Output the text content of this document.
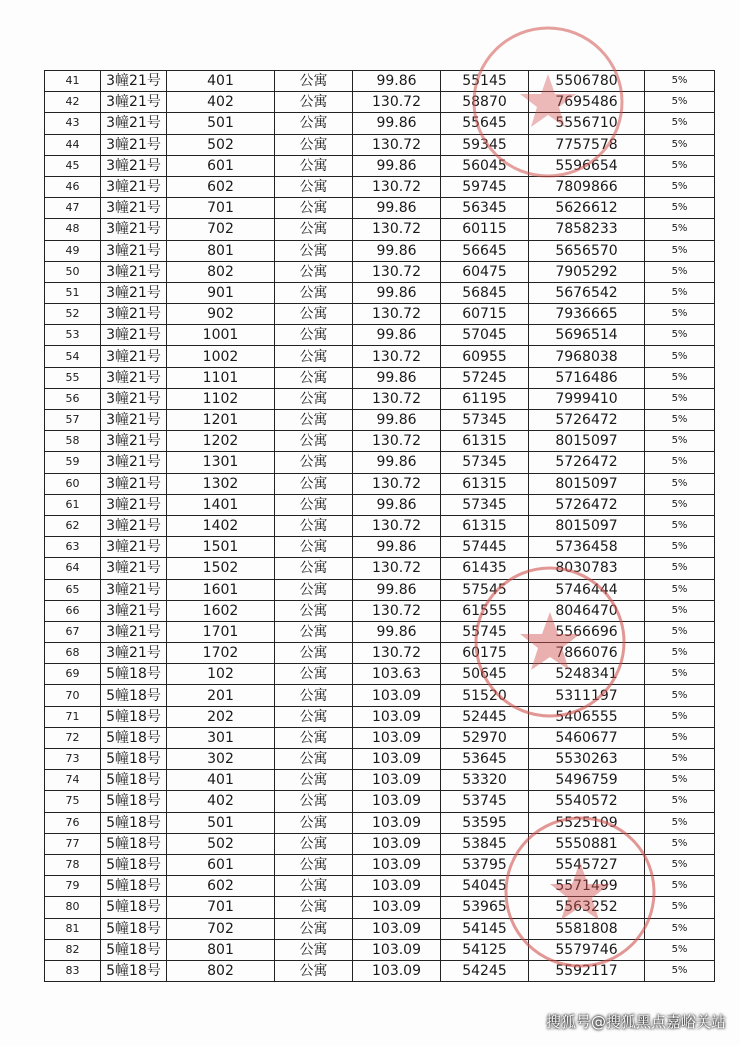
41	3幢21号	401	公寓	99.86	55145	5506780	5%
42	3幢21号	402	公寓	130.72	58870	7695486	5%
43	3幢21号	501	公寓	99.86	55645	5556710	5%
44	3幢21号	502	公寓	130.72	59345	7757578	5%
45	3幢21号	601	公寓	99.86	56045	5596654	5%
46	3幢21号	602	公寓	130.72	59745	7809866	5%
47	3幢21号	701	公寓	99.86	56345	5626612	5%
48	3幢21号	702	公寓	130.72	60115	7858233	5%
49	3幢21号	801	公寓	99.86	56645	5656570	5%
50	3幢21号	802	公寓	130.72	60475	7905292	5%
51	3幢21号	901	公寓	99.86	56845	5676542	5%
52	3幢21号	902	公寓	130.72	60715	7936665	5%
53	3幢21号	1001	公寓	99.86	57045	5696514	5%
54	3幢21号	1002	公寓	130.72	60955	7968038	5%
55	3幢21号	1101	公寓	99.86	57245	5716486	5%
56	3幢21号	1102	公寓	130.72	61195	7999410	5%
57	3幢21号	1201	公寓	99.86	57345	5726472	5%
58	3幢21号	1202	公寓	130.72	61315	8015097	5%
59	3幢21号	1301	公寓	99.86	57345	5726472	5%
60	3幢21号	1302	公寓	130.72	61315	8015097	5%
61	3幢21号	1401	公寓	99.86	57345	5726472	5%
62	3幢21号	1402	公寓	130.72	61315	8015097	5%
63	3幢21号	1501	公寓	99.86	57445	5736458	5%
64	3幢21号	1502	公寓	130.72	61435	8030783	5%
65	3幢21号	1601	公寓	99.86	57545	5746444	5%
66	3幢21号	1602	公寓	130.72	61555	8046470	5%
67	3幢21号	1701	公寓	99.86	55745	5566696	5%
68	3幢21号	1702	公寓	130.72	60175	7866076	5%
69	5幢18号	102	公寓	103.63	50645	5248341	5%
70	5幢18号	201	公寓	103.09	51520	5311197	5%
71	5幢18号	202	公寓	103.09	52445	5406555	5%
72	5幢18号	301	公寓	103.09	52970	5460677	5%
73	5幢18号	302	公寓	103.09	53645	5530263	5%
74	5幢18号	401	公寓	103.09	53320	5496759	5%
75	5幢18号	402	公寓	103.09	53745	5540572	5%
76	5幢18号	501	公寓	103.09	53595	5525109	5%
77	5幢18号	502	公寓	103.09	53845	5550881	5%
78	5幢18号	601	公寓	103.09	53795	5545727	5%
79	5幢18号	602	公寓	103.09	54045	5571499	5%
80	5幢18号	701	公寓	103.09	53965	5563252	5%
81	5幢18号	702	公寓	103.09	54145	5581808	5%
82	5幢18号	801	公寓	103.09	54125	5579746	5%
83	5幢18号	802	公寓	103.09	54245	5592117	5%
搜狐号@搜狐黑点嘉峪关站
